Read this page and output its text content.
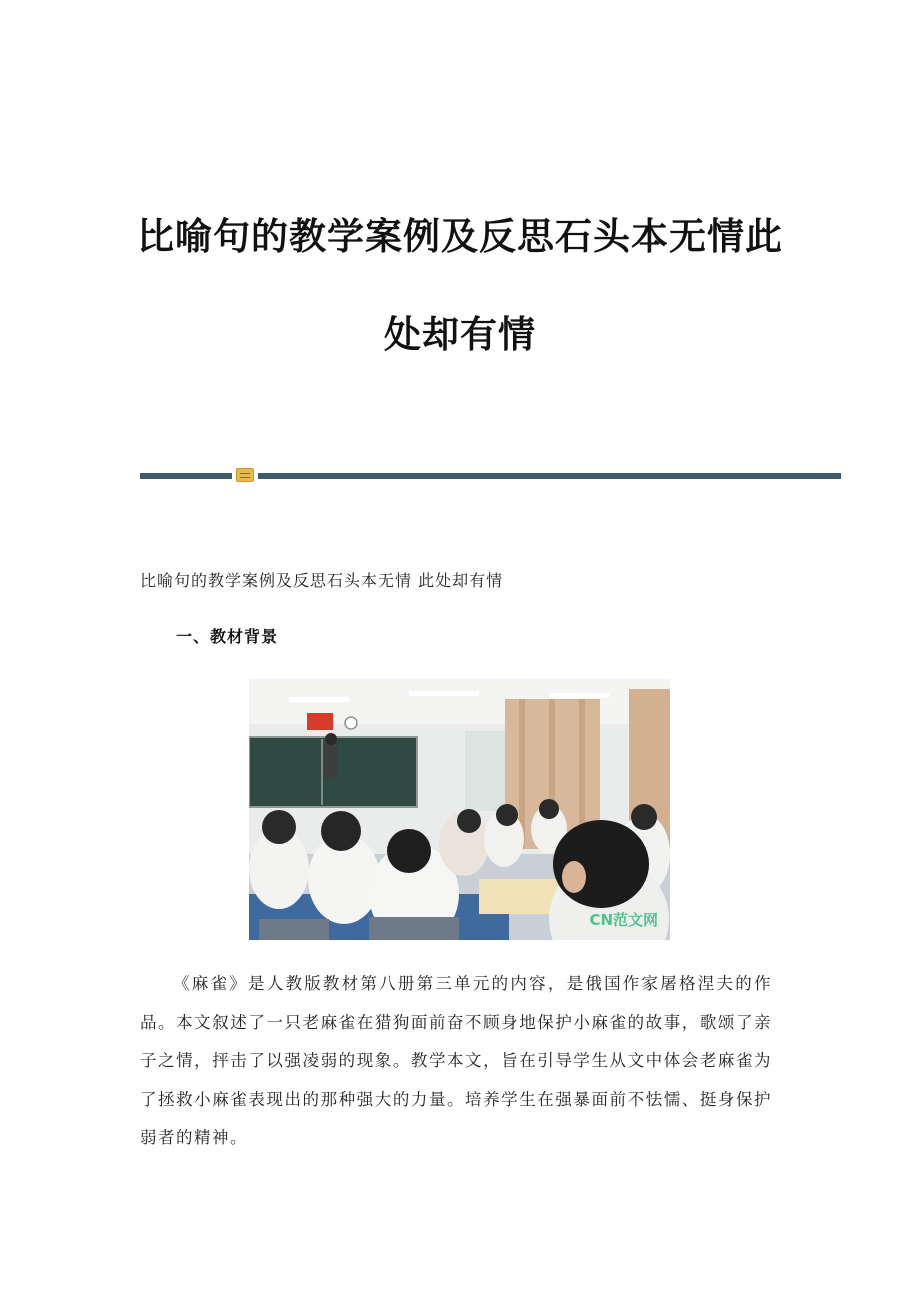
比喻句的教学案例及反思石头本无情此
处却有情
比喻句的教学案例及反思石头本无情 此处却有情
一、教材背景
CN范文网

《麻雀》是人教版教材第八册第三单元的内容，是俄国作家屠格涅夫的作品。本文叙述了一只老麻雀在猎狗面前奋不顾身地保护小麻雀的故事，歌颂了亲子之情，抨击了以强凌弱的现象。教学本文，旨在引导学生从文中体会老麻雀为了拯救小麻雀表现出的那种强大的力量。培养学生在强暴面前不怯懦、挺身保护弱者的精神。
